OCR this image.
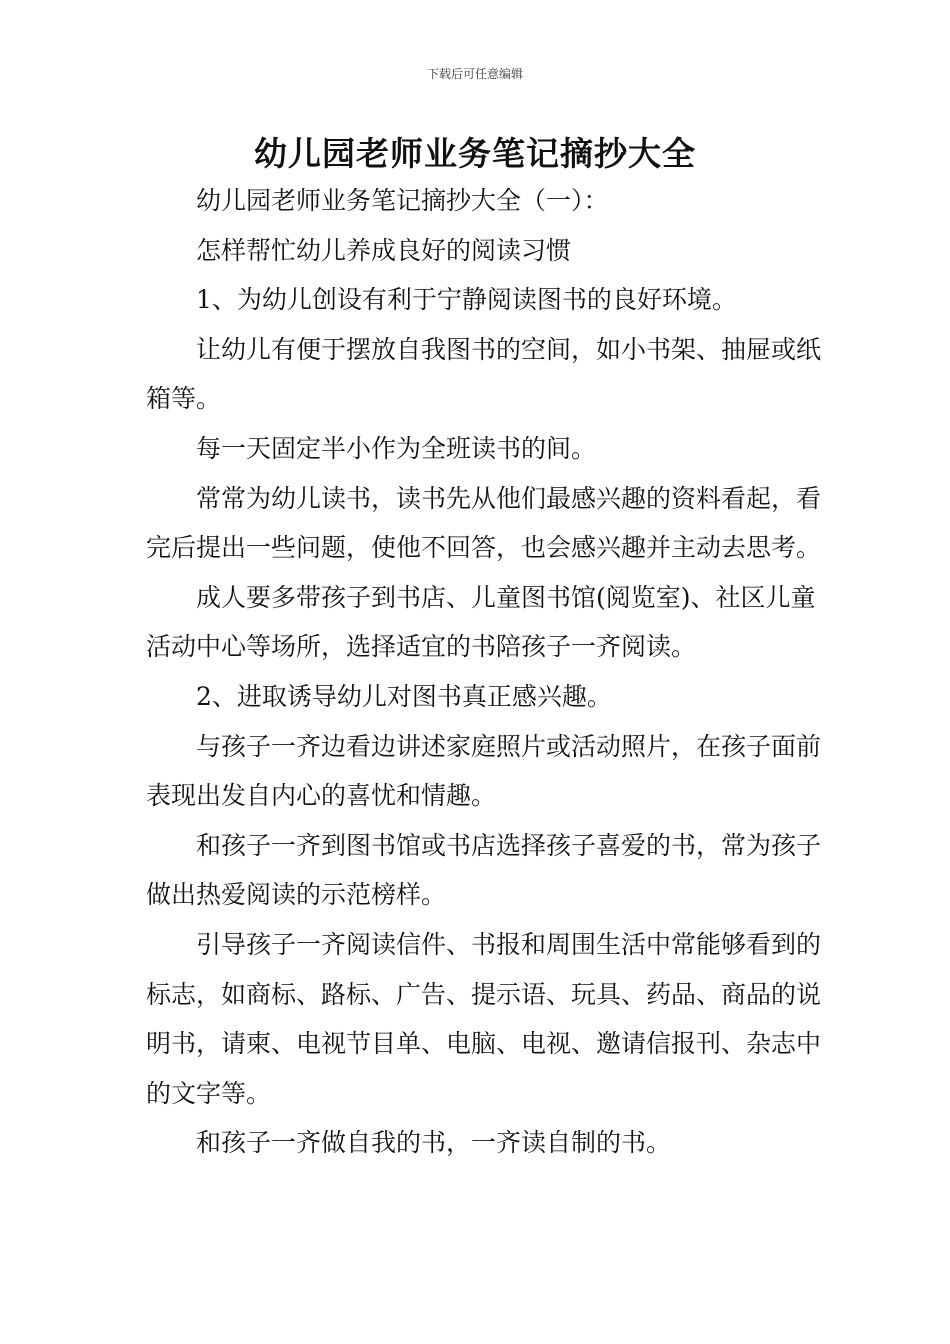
下载后可任意编辑
幼儿园老师业务笔记摘抄大全

幼儿园老师业务笔记摘抄大全（一）：

怎样帮忙幼儿养成良好的阅读习惯

1、为幼儿创设有利于宁静阅读图书的良好环境。

让幼儿有便于摆放自我图书的空间，如小书架、抽屉或纸箱等。

每一天固定半小作为全班读书的间。

常常为幼儿读书，读书先从他们最感兴趣的资料看起，看完后提出一些问题，使他不回答，也会感兴趣并主动去思考。

成人要多带孩子到书店、儿童图书馆(阅览室)、社区儿童活动中心等场所，选择适宜的书陪孩子一齐阅读。

2、进取诱导幼儿对图书真正感兴趣。

与孩子一齐边看边讲述家庭照片或活动照片，在孩子面前表现出发自内心的喜忧和情趣。

和孩子一齐到图书馆或书店选择孩子喜爱的书，常为孩子做出热爱阅读的示范榜样。

引导孩子一齐阅读信件、书报和周围生活中常能够看到的标志，如商标、路标、广告、提示语、玩具、药品、商品的说明书，请柬、电视节目单、电脑、电视、邀请信报刊、杂志中的文字等。

和孩子一齐做自我的书，一齐读自制的书。
